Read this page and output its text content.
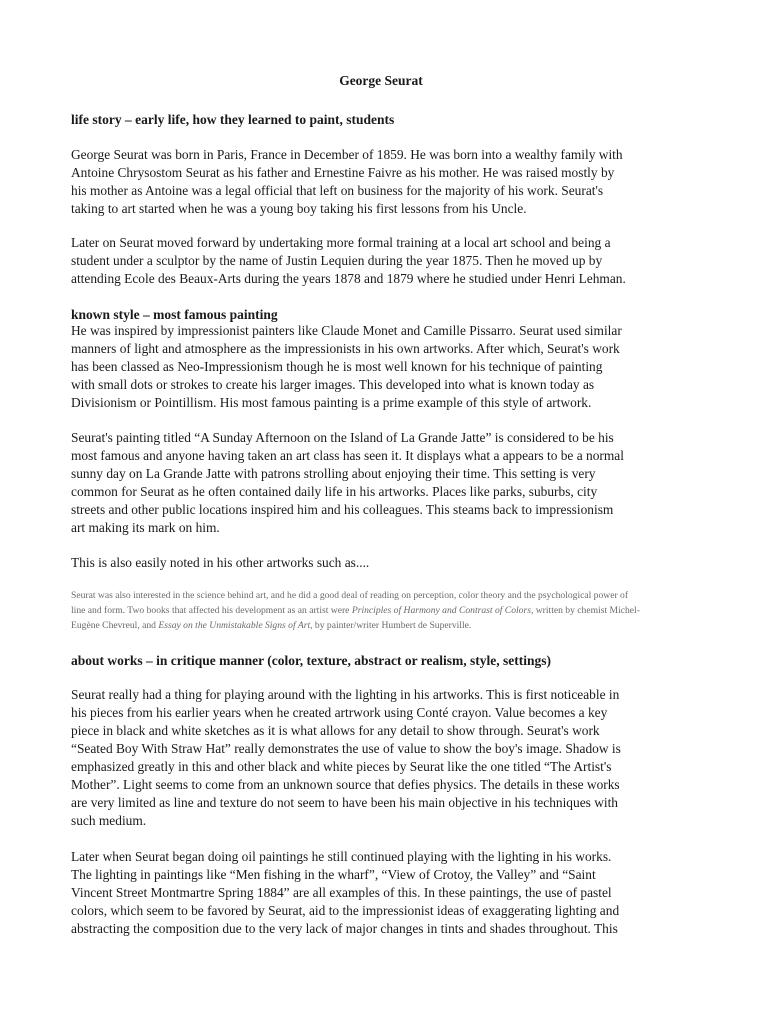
George Seurat
life story – early life, how they learned to paint, students
George Seurat was born in Paris, France in December of 1859. He was born into a wealthy family with
Antoine Chrysostom Seurat as his father and Ernestine Faivre as his mother. He was raised mostly by
his mother as Antoine was a legal official that left on business for the majority of his work. Seurat's
taking to art started when he was a young boy taking his first lessons from his Uncle.
Later on Seurat moved forward by undertaking more formal training at a local art school and being a
student under a sculptor by the name of Justin Lequien during the year 1875. Then he moved up by
attending Ecole des Beaux-Arts during the years 1878 and 1879 where he studied under Henri Lehman.
known style – most famous painting
He was inspired by impressionist painters like Claude Monet and Camille Pissarro. Seurat used similar
manners of light and atmosphere as the impressionists in his own artworks. After which, Seurat's work
has been classed as Neo-Impressionism though he is most well known for his technique of painting
with small dots or strokes to create his larger images. This developed into what is known today as
Divisionism or Pointillism. His most famous painting is a prime example of this style of artwork.
Seurat's painting titled “A Sunday Afternoon on the Island of La Grande Jatte” is considered to be his
most famous and anyone having taken an art class has seen it. It displays what a appears to be a normal
sunny day on La Grande Jatte with patrons strolling about enjoying their time. This setting is very
common for Seurat as he often contained daily life in his artworks. Places like parks, suburbs, city
streets and other public locations inspired him and his colleagues. This steams back to impressionism
art making its mark on him.
This is also easily noted in his other artworks such as....
Seurat was also interested in the science behind art, and he did a good deal of reading on perception, color theory and the psychological power of
line and form. Two books that affected his development as an artist were Principles of Harmony and Contrast of Colors, written by chemist Michel-
Eugène Chevreul, and Essay on the Unmistakable Signs of Art, by painter/writer Humbert de Superville.
about works – in critique manner (color, texture, abstract or realism, style, settings)
Seurat really had a thing for playing around with the lighting in his artworks. This is first noticeable in
his pieces from his earlier years when he created artrwork using Conté crayon. Value becomes a key
piece in black and white sketches as it is what allows for any detail to show through. Seurat's work
“Seated Boy With Straw Hat” really demonstrates the use of value to show the boy's image. Shadow is
emphasized greatly in this and other black and white pieces by Seurat like the one titled “The Artist's
Mother”. Light seems to come from an unknown source that defies physics. The details in these works
are very limited as line and texture do not seem to have been his main objective in his techniques with
such medium.
Later when Seurat began doing oil paintings he still continued playing with the lighting in his works.
The lighting in paintings like “Men fishing in the wharf”, “View of Crotoy, the Valley” and “Saint
Vincent Street Montmartre Spring 1884” are all examples of this. In these paintings, the use of pastel
colors, which seem to be favored by Seurat, aid to the impressionist ideas of exaggerating lighting and
abstracting the composition due to the very lack of major changes in tints and shades throughout. This
